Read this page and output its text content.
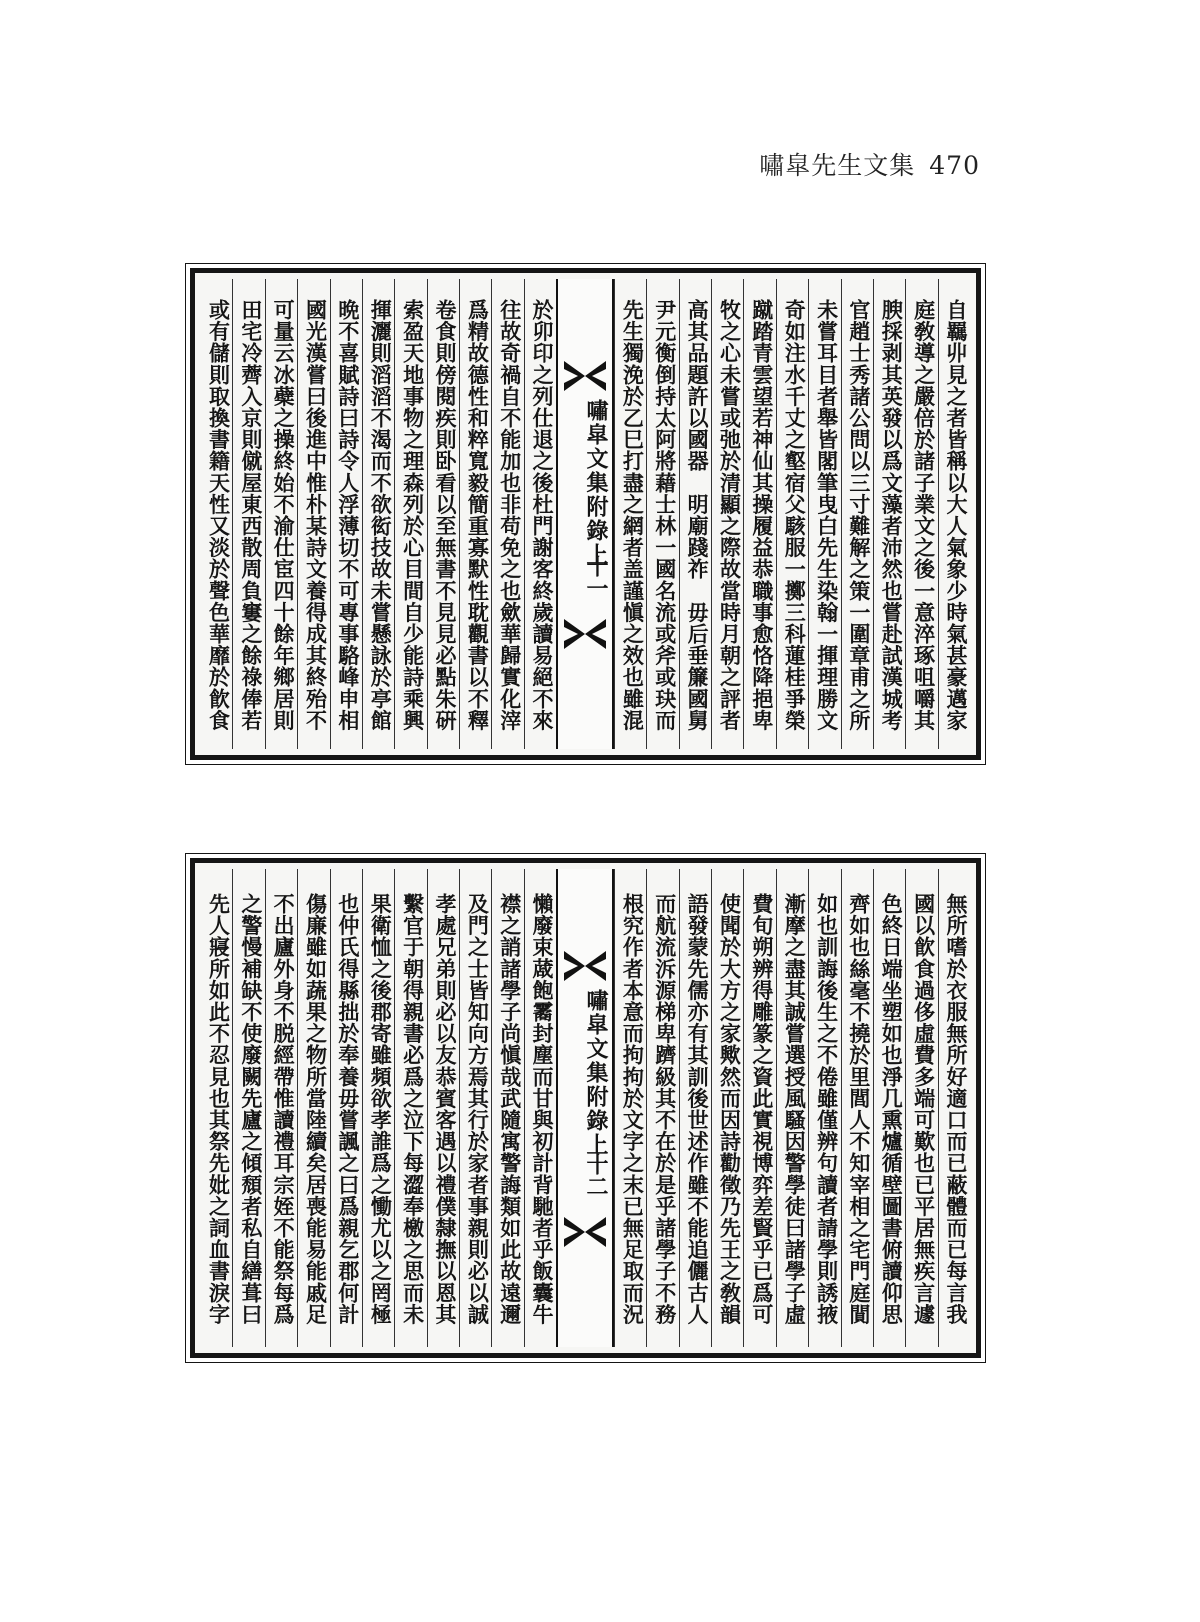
嘯皐先生文集 470
自羈丱見之者皆稱以大人氣象少時氣甚豪邁家
庭敎導之嚴倍於諸子業文之後一意淬琢咀嚼其
腴採剥其英發以爲文藻者沛然也嘗赴試漢城考
官趙士秀諸公問以三寸難解之策一圍章甫之所
未嘗耳目者舉皆閣筆曳白先生染翰一揮理勝文
奇如注水千丈之壑宿父駭服一擲三科蓮桂爭榮
蹴踏青雲望若神仙其操履益恭職事愈恪降挹卑
牧之心未嘗或弛於清顯之際故當時月朝之評者
高其品題許以國器　明廟踐祚　毋后垂簾國舅
尹元衡倒持太阿將藉士林一國名流或斧或玦而
先生獨浼於乙巳打盡之網者盖謹愼之效也雖混
嘯皐文集附錄上
十一
於卯印之列仕退之後杜門謝客終歲讀易絕不來
往故奇禍自不能加也非苟免之也歛華歸實化滓
爲精故德性和粹寬毅簡重寡默性耽觀書以不釋
卷食則傍閱疾則卧看以至無書不見見必點朱硏
索盈天地事物之理森列於心目間自少能詩乘興
揮灑則滔滔不渴而不欲衒技故未嘗懸詠於亭館
晩不喜賦詩曰詩令人浮薄切不可專事駱峰申相
國光漢嘗曰後進中惟朴某詩文養得成其終殆不
可量云冰蘗之操終始不渝仕宦四十餘年鄉居則
田宅冷薺入京則僦屋東西散周負窶之餘祿俸若
或有儲則取換書籍天性又淡於聲色華靡於飮食
無所嗜於衣服無所好適口而已蔽體而已每言我
國以飮食過侈虛費多端可歎也已平居無疾言遽
色終日端坐塑如也淨几熏爐循壁圖書俯讀仰思
齊如也絲毫不撓於里閭人不知宰相之宅門庭閴
如也訓誨後生之不倦雖僅辨句讀者請學則誘掖
漸摩之盡其誠嘗選授風騷因警學徒曰諸學子虛
費旬朔辨得雕篆之資此實視博弈差賢乎已爲可
使聞於大方之家歟然而因詩勸徵乃先王之敎韻
語發蒙先儒亦有其訓後世述作雖不能追儷古人
而航流泝源梯卑躋級其不在於是乎諸學子不務
根究作者本意而拘拘於文字之末已無足取而況
嘯皐文集附錄上
十二
懶廢束蒧飽霱封塵而甘與初計背馳者乎飯囊牛
襟之誚諸學子尚愼哉武隨寓警誨類如此故遠邇
及門之士皆知向方焉其行於家者事親則必以誠
孝處兄弟則必以友恭賓客遇以禮僕隸撫以恩其
繫官于朝得親書必爲之泣下每澀奉檄之思而未
果衛恤之後郡寄雖頻欲孝誰爲之慟尤以之罔極
也仲氏得縣拙於奉養毋嘗諷之曰爲親乞郡何計
傷廉雖如蔬果之物所當陸續矣居喪能易能戚足
不出廬外身不脱經帶惟讀禮耳宗姪不能祭每爲
之警慢補缺不使廢闕先廬之傾頹者私自繕葺曰
先人寢所如此不忍見也其祭先妣之詞血書淚字
